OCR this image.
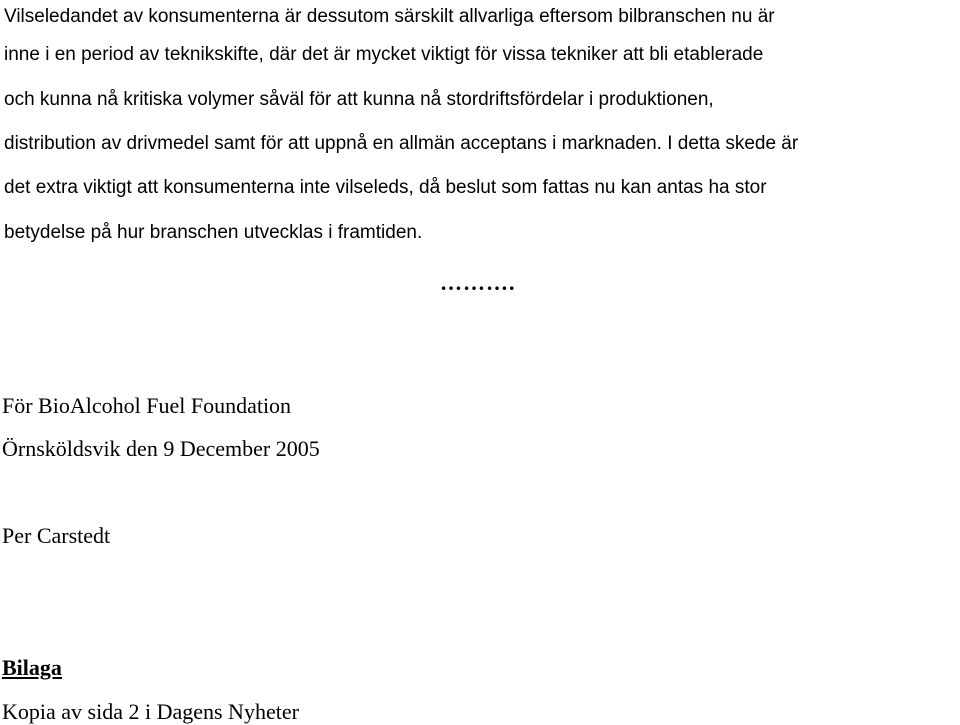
Vilseledandet av konsumenterna är dessutom särskilt allvarliga eftersom bilbranschen nu är
inne i en period av teknikskifte, där det är mycket viktigt för vissa tekniker att bli etablerade
och kunna nå kritiska volymer såväl för att kunna nå stordriftsfördelar i produktionen,
distribution av drivmedel samt för att uppnå en allmän acceptans i marknaden. I detta skede är
det extra viktigt att konsumenterna inte vilseleds, då beslut som fattas nu kan antas ha stor
betydelse på hur branschen utvecklas i framtiden.
……….
För BioAlcohol Fuel Foundation
Örnsköldsvik den 9 December 2005
Per Carstedt
Bilaga
Kopia av sida 2 i Dagens Nyheter
